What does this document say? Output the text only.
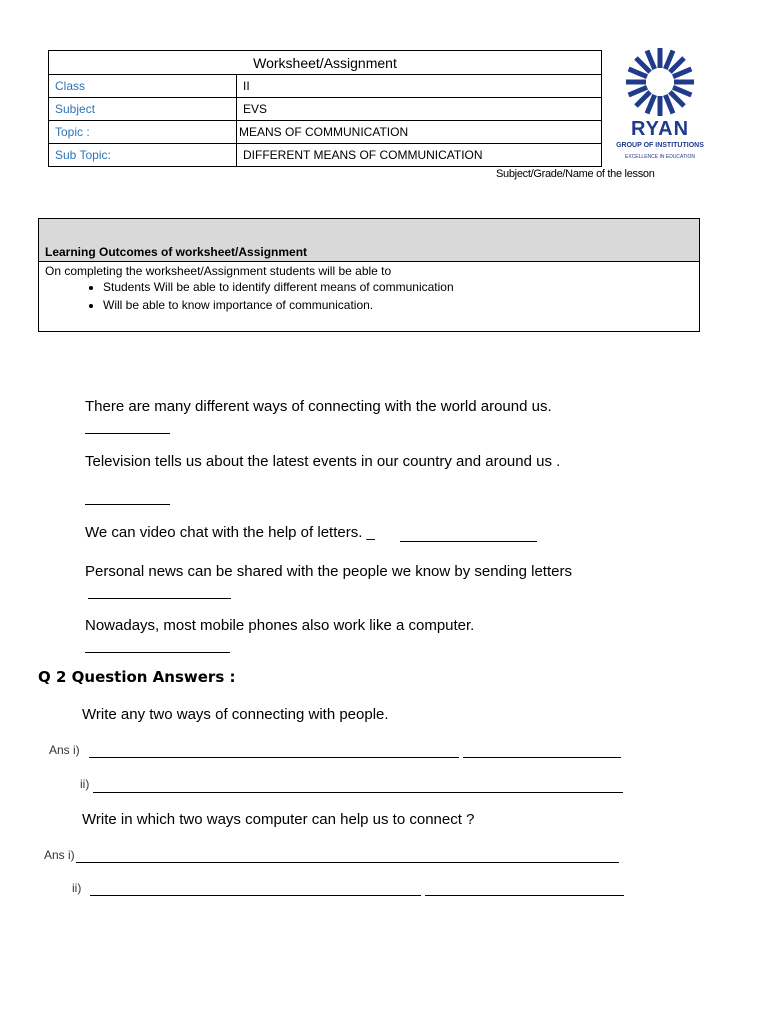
Worksheet/Assignment	
Class	II
Subject	EVS
Topic :	MEANS OF COMMUNICATION
Sub Topic:	DIFFERENT MEANS OF COMMUNICATION
Subject/Grade/Name of the lesson
RYAN
GROUP OF INSTITUTIONS
EXCELLENCE IN EDUCATION
Learning Outcomes of worksheet/Assignment
On completing the worksheet/Assignment students will be able to
• Students Will be able to identify different means of communication
• Will be able to know importance of communication.
There are many different ways of connecting with the world around us.
Television tells us about the latest events in our country and around us .
We can video chat with the help of letters. _
Personal news can be shared with the people we know by sending letters
Nowadays, most mobile phones also work like a computer.
Q 2 Question Answers :
Write any two ways of connecting with people.
Ans i)
ii)
Write in which two ways computer can help us to connect ?
Ans i)
ii)
